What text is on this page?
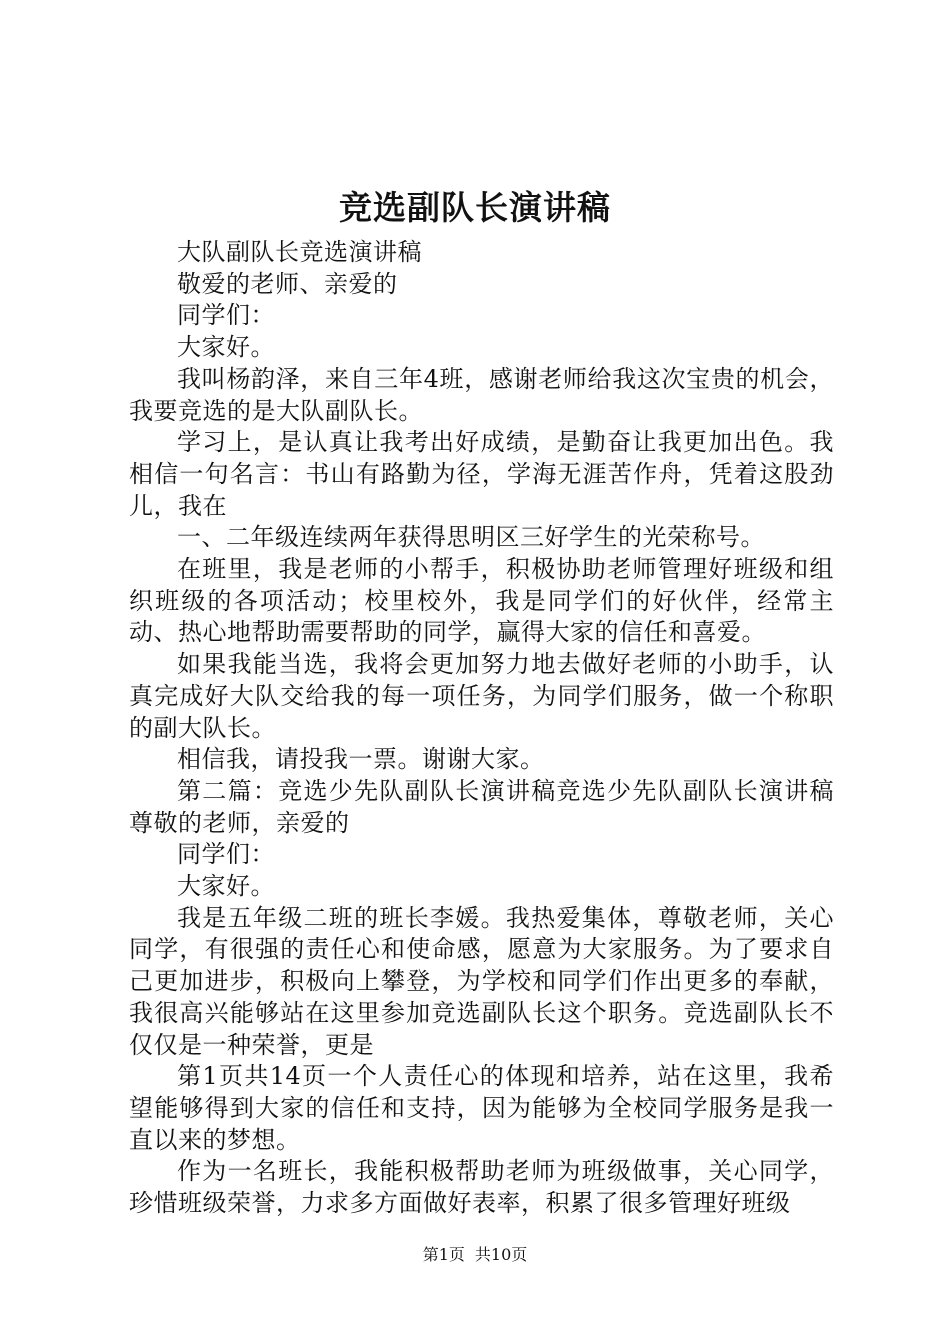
竞选副队长演讲稿

大队副队长竞选演讲稿

敬爱的老师、亲爱的

同学们：

大家好。

我叫杨韵泽，来自三年4班，感谢老师给我这次宝贵的机会，我要竞选的是大队副队长。

学习上，是认真让我考出好成绩，是勤奋让我更加出色。我相信一句名言：书山有路勤为径，学海无涯苦作舟，凭着这股劲儿，我在

一、二年级连续两年获得思明区三好学生的光荣称号。

在班里，我是老师的小帮手，积极协助老师管理好班级和组织班级的各项活动；校里校外，我是同学们的好伙伴，经常主动、热心地帮助需要帮助的同学，赢得大家的信任和喜爱。

如果我能当选，我将会更加努力地去做好老师的小助手，认真完成好大队交给我的每一项任务，为同学们服务，做一个称职的副大队长。

相信我，请投我一票。谢谢大家。

第二篇：竞选少先队副队长演讲稿竞选少先队副队长演讲稿尊敬的老师，亲爱的

同学们：

大家好。

我是五年级二班的班长李媛。我热爱集体，尊敬老师，关心同学，有很强的责任心和使命感，愿意为大家服务。为了要求自己更加进步，积极向上攀登，为学校和同学们作出更多的奉献，我很高兴能够站在这里参加竞选副队长这个职务。竞选副队长不仅仅是一种荣誉，更是

第1页共14页一个人责任心的体现和培养，站在这里，我希望能够得到大家的信任和支持，因为能够为全校同学服务是我一直以来的梦想。

作为一名班长，我能积极帮助老师为班级做事，关心同学，珍惜班级荣誉，力求多方面做好表率，积累了很多管理好班级

第1页 共10页
